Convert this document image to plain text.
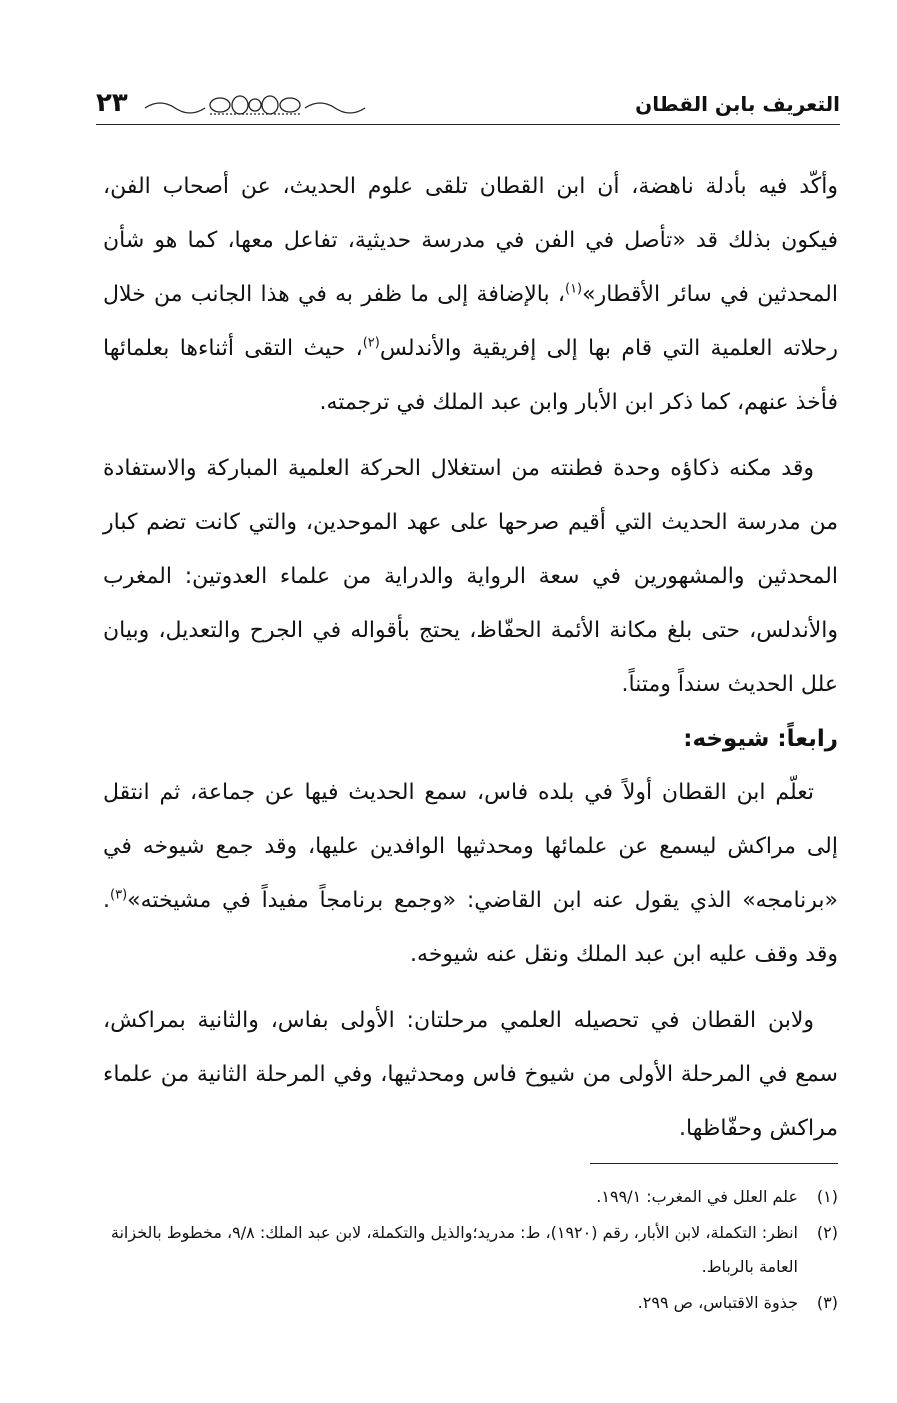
التعريف بابن القطان
٢٣

وأكّد فيه بأدلة ناهضة، أن ابن القطان تلقى علوم الحديث، عن أصحاب الفن، فيكون بذلك قد «تأصل في الفن في مدرسة حديثية، تفاعل معها، كما هو شأن المحدثين في سائر الأقطار»$^{(١)}$، بالإضافة إلى ما ظفر به في هذا الجانب من خلال رحلاته العلمية التي قام بها إلى إفريقية والأندلس$^{(٢)}$، حيث التقى أثناءها بعلمائها فأخذ عنهم، كما ذكر ابن الأبار وابن عبد الملك في ترجمته.

وقد مكنه ذكاؤه وحدة فطنته من استغلال الحركة العلمية المباركة والاستفادة من مدرسة الحديث التي أقيم صرحها على عهد الموحدين، والتي كانت تضم كبار المحدثين والمشهورين في سعة الرواية والدراية من علماء العدوتين: المغرب والأندلس، حتى بلغ مكانة الأئمة الحفّاظ، يحتج بأقواله في الجرح والتعديل، وبيان علل الحديث سنداً ومتناً.

رابعاً: شيوخه:

تعلّم ابن القطان أولاً في بلده فاس، سمع الحديث فيها عن جماعة، ثم انتقل إلى مراكش ليسمع عن علمائها ومحدثيها الوافدين عليها، وقد جمع شيوخه في «برنامجه» الذي يقول عنه ابن القاضي: «وجمع برنامجاً مفيداً في مشيخته»$^{(٣)}$. وقد وقف عليه ابن عبد الملك ونقل عنه شيوخه.

ولابن القطان في تحصيله العلمي مرحلتان: الأولى بفاس، والثانية بمراكش، سمع في المرحلة الأولى من شيوخ فاس ومحدثيها، وفي المرحلة الثانية من علماء مراكش وحفّاظها.

(١)
علم العلل في المغرب: ١٩٩/١.
(٢)
انظر: التكملة، لابن الأبار، رقم (١٩٢٠)، ط: مدريد؛والذيل والتكملة، لابن عبد الملك: ٩/٨، مخطوط بالخزانة العامة بالرباط.
(٣)
جذوة الاقتباس، ص ٢٩٩.
